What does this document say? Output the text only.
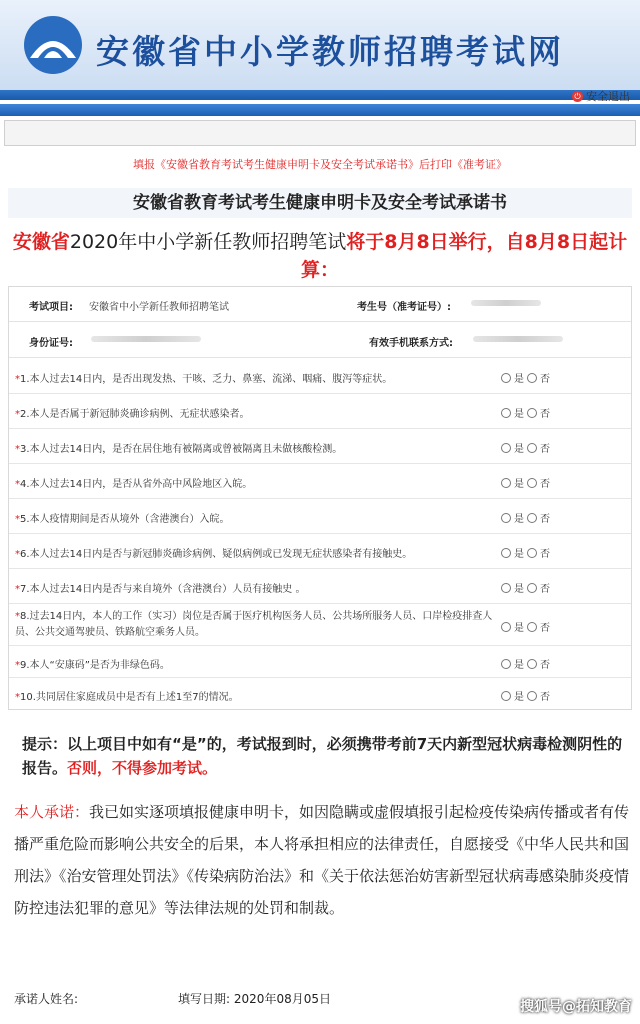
安徽省中小学教师招聘考试网
⏻ 安全退出
填报《安徽省教育考试考生健康申明卡及安全考试承诺书》后打印《准考证》
安徽省教育考试考生健康申明卡及安全考试承诺书
安徽省2020年中小学新任教师招聘笔试将于8月8日举行，自8月8日起计算：
考试项目: 安徽省中小学新任教师招聘笔试	考生号（准考证号）:
身份证号:	有效手机联系方式:
*1.本人过去14日内，是否出现发热、干咳、乏力、鼻塞、流涕、咽痛、腹泻等症状。	是 否
*2.本人是否属于新冠肺炎确诊病例、无症状感染者。	是 否
*3.本人过去14日内，是否在居住地有被隔离或曾被隔离且未做核酸检测。	是 否
*4.本人过去14日内，是否从省外高中风险地区入皖。	是 否
*5.本人疫情期间是否从境外（含港澳台）入皖。	是 否
*6.本人过去14日内是否与新冠肺炎确诊病例、疑似病例或已发现无症状感染者有接触史。	是 否
*7.本人过去14日内是否与来自境外（含港澳台）人员有接触史 。	是 否
*8.过去14日内，本人的工作（实习）岗位是否属于医疗机构医务人员、公共场所服务人员、口岸检疫排查人员、公共交通驾驶员、铁路航空乘务人员。	是 否
*9.本人“安康码”是否为非绿色码。	是 否
*10.共同居住家庭成员中是否有上述1至7的情况。	是 否
提示：以上项目中如有“是”的，考试报到时，必须携带考前7天内新型冠状病毒检测阴性的报告。否则，不得参加考试。
本人承诺：我已如实逐项填报健康申明卡，如因隐瞒或虚假填报引起检疫传染病传播或者有传播严重危险而影响公共安全的后果，本人将承担相应的法律责任，自愿接受《中华人民共和国刑法》《治安管理处罚法》《传染病防治法》和《关于依法惩治妨害新型冠状病毒感染肺炎疫情防控违法犯罪的意见》等法律法规的处罚和制裁。
承诺人姓名:	填写日期: 2020年08月05日	搜狐号@拓知教育
